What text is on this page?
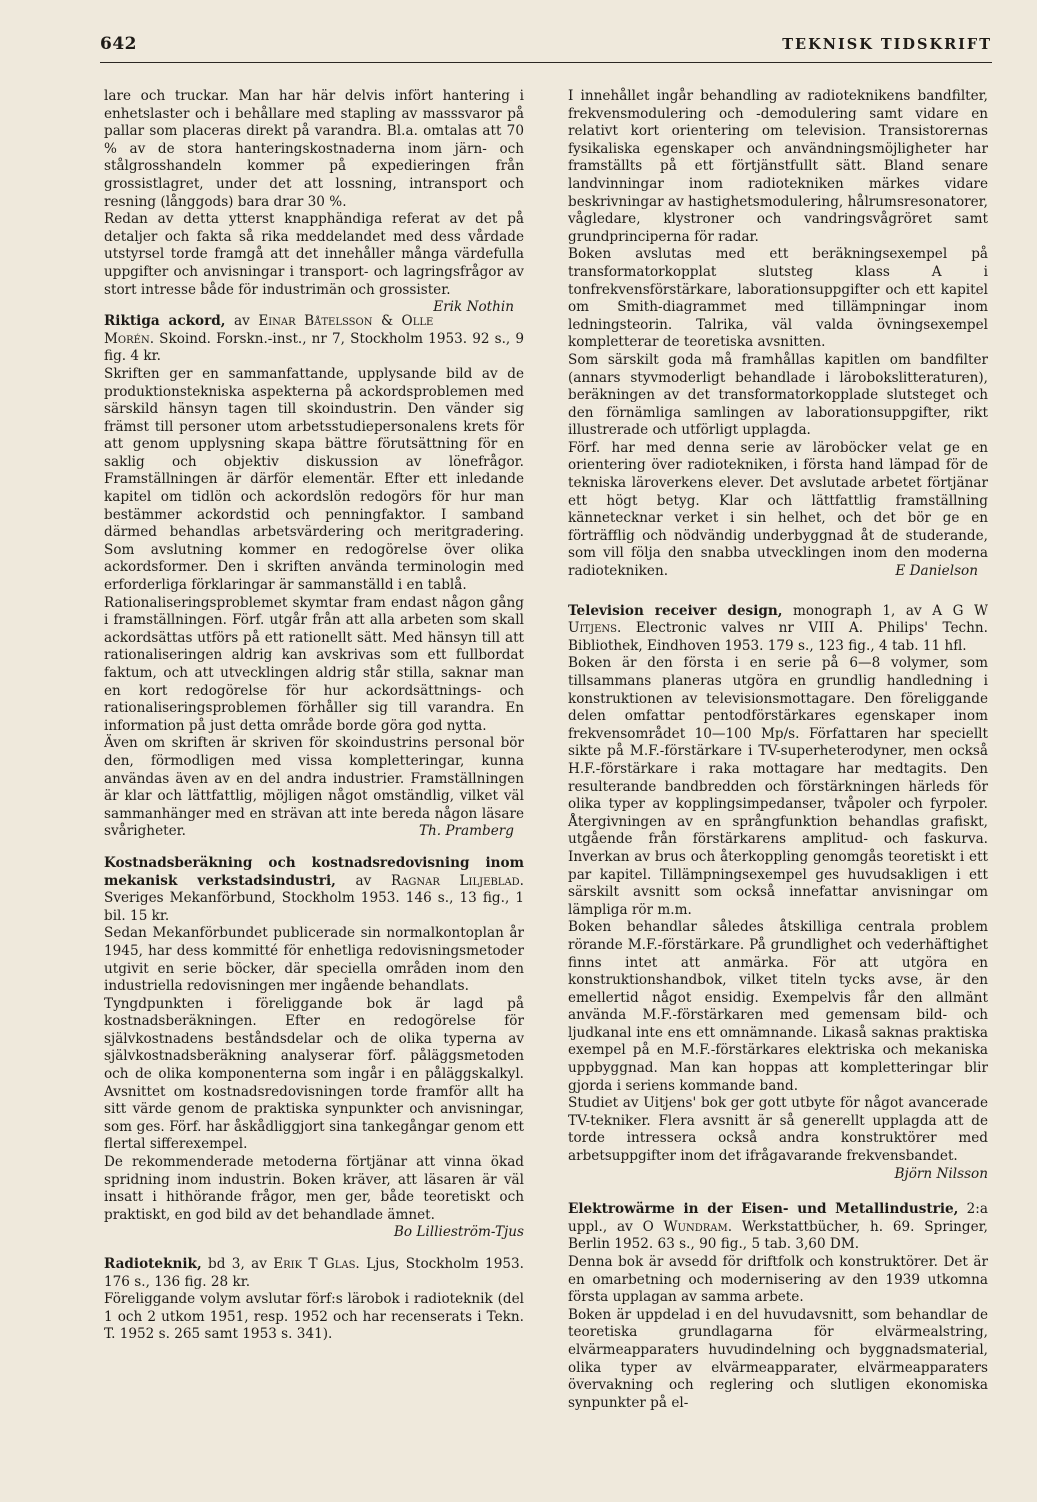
642	TEKNISK TIDSKRIFT

lare och truckar. Man har här delvis infört hantering i enhetslaster och i behållare med stapling av masssvaror på pallar som placeras direkt på varandra. Bl.a. omtalas att 70 % av de stora hanteringskostnaderna inom järn- och stålgrosshandeln kommer på expedieringen från grossistlagret, under det att lossning, intransport och resning (långgods) bara drar 30 %.

Redan av detta ytterst knapphändiga referat av det på detaljer och fakta så rika meddelandet med dess vårdade utstyrsel torde framgå att det innehåller många värdefulla uppgifter och anvisningar i transport- och lagringsfrågor av stort intresse både för industrimän och grossister.
Erik Nothin

Riktiga ackord, av Einar Båtelsson & Olle Morén. Skoind. Forskn.-inst., nr 7, Stockholm 1953. 92 s., 9 fig. 4 kr.

Skriften ger en sammanfattande, upplysande bild av de produktionstekniska aspekterna på ackordsproblemen med särskild hänsyn tagen till skoindustrin. Den vänder sig främst till personer utom arbetsstudiepersonalens krets för att genom upplysning skapa bättre förutsättning för en saklig och objektiv diskussion av lönefrågor. Framställningen är därför elementär. Efter ett inledande kapitel om tidlön och ackordslön redogörs för hur man bestämmer ackordstid och penningfaktor. I samband därmed behandlas arbetsvärdering och meritgradering. Som avslutning kommer en redogörelse över olika ackordsformer. Den i skriften använda terminologin med erforderliga förklaringar är sammanställd i en tablå.

Rationaliseringsproblemet skymtar fram endast någon gång i framställningen. Förf. utgår från att alla arbeten som skall ackordsättas utförs på ett rationellt sätt. Med hänsyn till att rationaliseringen aldrig kan avskrivas som ett fullbordat faktum, och att utvecklingen aldrig står stilla, saknar man en kort redogörelse för hur ackordsättnings- och rationaliseringsproblemen förhåller sig till varandra. En information på just detta område borde göra god nytta.

Även om skriften är skriven för skoindustrins personal bör den, förmodligen med vissa kompletteringar, kunna användas även av en del andra industrier. Framställningen är klar och lättfattlig, möjligen något omständlig, vilket väl sammanhänger med en strävan att inte bereda någon läsare svårigheter.	Th. Pramberg

Kostnadsberäkning och kostnadsredovisning inom mekanisk verkstadsindustri, av Ragnar Liljeblad. Sveriges Mekanförbund, Stockholm 1953. 146 s., 13 fig., 1 bil. 15 kr.

Sedan Mekanförbundet publicerade sin normalkontoplan år 1945, har dess kommitté för enhetliga redovisningsmetoder utgivit en serie böcker, där speciella områden inom den industriella redovisningen mer ingående behandlats.

Tyngdpunkten i föreliggande bok är lagd på kostnadsberäkningen. Efter en redogörelse för självkostnadens beståndsdelar och de olika typerna av självkostnadsberäkning analyserar förf. påläggsmetoden och de olika komponenterna som ingår i en påläggskalkyl. Avsnittet om kostnadsredovisningen torde framför allt ha sitt värde genom de praktiska synpunkter och anvisningar, som ges. Förf. har åskådliggjort sina tankegångar genom ett flertal sifferexempel.

De rekommenderade metoderna förtjänar att vinna ökad spridning inom industrin. Boken kräver, att läsaren är väl insatt i hithörande frågor, men ger, både teoretiskt och praktiskt, en god bild av det behandlade ämnet.

Bo Lillieström-Tjus

Radioteknik, bd 3, av Erik T Glas. Ljus, Stockholm 1953. 176 s., 136 fig. 28 kr.

Föreliggande volym avslutar förf:s lärobok i radioteknik (del 1 och 2 utkom 1951, resp. 1952 och har recenserats i Tekn. T. 1952 s. 265 samt 1953 s. 341).

I innehållet ingår behandling av radioteknikens bandfilter, frekvensmodulering och -demodulering samt vidare en relativt kort orientering om television. Transistorernas fysikaliska egenskaper och användningsmöjligheter har framställts på ett förtjänstfullt sätt. Bland senare landvinningar inom radiotekniken märkes vidare beskrivningar av hastighetsmodulering, hålrumsresonatorer, vågledare, klystroner och vandringsvågröret samt grundprinciperna för radar.

Boken avslutas med ett beräkningsexempel på transformatorkopplat slutsteg klass A i tonfrekvensförstärkare, laborationsuppgifter och ett kapitel om Smith-diagrammet med tillämpningar inom ledningsteorin. Talrika, väl valda övningsexempel kompletterar de teoretiska avsnitten.

Som särskilt goda må framhållas kapitlen om bandfilter (annars styvmoderligt behandlade i lärobokslitteraturen), beräkningen av det transformatorkopplade slutsteget och den förnämliga samlingen av laborationsuppgifter, rikt illustrerade och utförligt upplagda.

Förf. har med denna serie av läroböcker velat ge en orientering över radiotekniken, i första hand lämpad för de tekniska läroverkens elever. Det avslutade arbetet förtjänar ett högt betyg. Klar och lättfattlig framställning kännetecknar verket i sin helhet, och det bör ge en förträfflig och nödvändig underbyggnad åt de studerande, som vill följa den snabba utvecklingen inom den moderna radiotekniken.	E Danielson

Television receiver design, monograph 1, av A G W Uitjens. Electronic valves nr VIII A. Philips' Techn. Bibliothek, Eindhoven 1953. 179 s., 123 fig., 4 tab. 11 hfl.

Boken är den första i en serie på 6—8 volymer, som tillsammans planeras utgöra en grundlig handledning i konstruktionen av televisionsmottagare. Den föreliggande delen omfattar pentodförstärkares egenskaper inom frekvensområdet 10—100 Mp/s. Författaren har speciellt sikte på M.F.-förstärkare i TV-superheterodyner, men också H.F.-förstärkare i raka mottagare har medtagits. Den resulterande bandbredden och förstärkningen härleds för olika typer av kopplingsimpedanser, tvåpoler och fyrpoler. Återgivningen av en språngfunktion behandlas grafiskt, utgående från förstärkarens amplitud- och faskurva. Inverkan av brus och återkoppling genomgås teoretiskt i ett par kapitel. Tillämpningsexempel ges huvudsakligen i ett särskilt avsnitt som också innefattar anvisningar om lämpliga rör m.m.

Boken behandlar således åtskilliga centrala problem rörande M.F.-förstärkare. På grundlighet och vederhäftighet finns intet att anmärka. För att utgöra en konstruktionshandbok, vilket titeln tycks avse, är den emellertid något ensidig. Exempelvis får den allmänt använda M.F.-förstärkaren med gemensam bild- och ljudkanal inte ens ett omnämnande. Likaså saknas praktiska exempel på en M.F.-förstärkares elektriska och mekaniska uppbyggnad. Man kan hoppas att kompletteringar blir gjorda i seriens kommande band.

Studiet av Uitjens' bok ger gott utbyte för något avancerade TV-tekniker. Flera avsnitt är så generellt upplagda att de torde intressera också andra konstruktörer med arbetsuppgifter inom det ifrågavarande frekvensbandet.

Björn Nilsson

Elektrowärme in der Eisen- und Metallindustrie, 2:a uppl., av O Wundram. Werkstattbücher, h. 69. Springer, Berlin 1952. 63 s., 90 fig., 5 tab. 3,60 DM.

Denna bok är avsedd för driftfolk och konstruktörer. Det är en omarbetning och modernisering av den 1939 utkomna första upplagan av samma arbete.

Boken är uppdelad i en del huvudavsnitt, som behandlar de teoretiska grundlagarna för elvärmealstring, elvärmeapparaters huvudindelning och byggnadsmaterial, olika typer av elvärmeapparater, elvärmeapparaters övervakning och reglering och slutligen ekonomiska synpunkter på el-
